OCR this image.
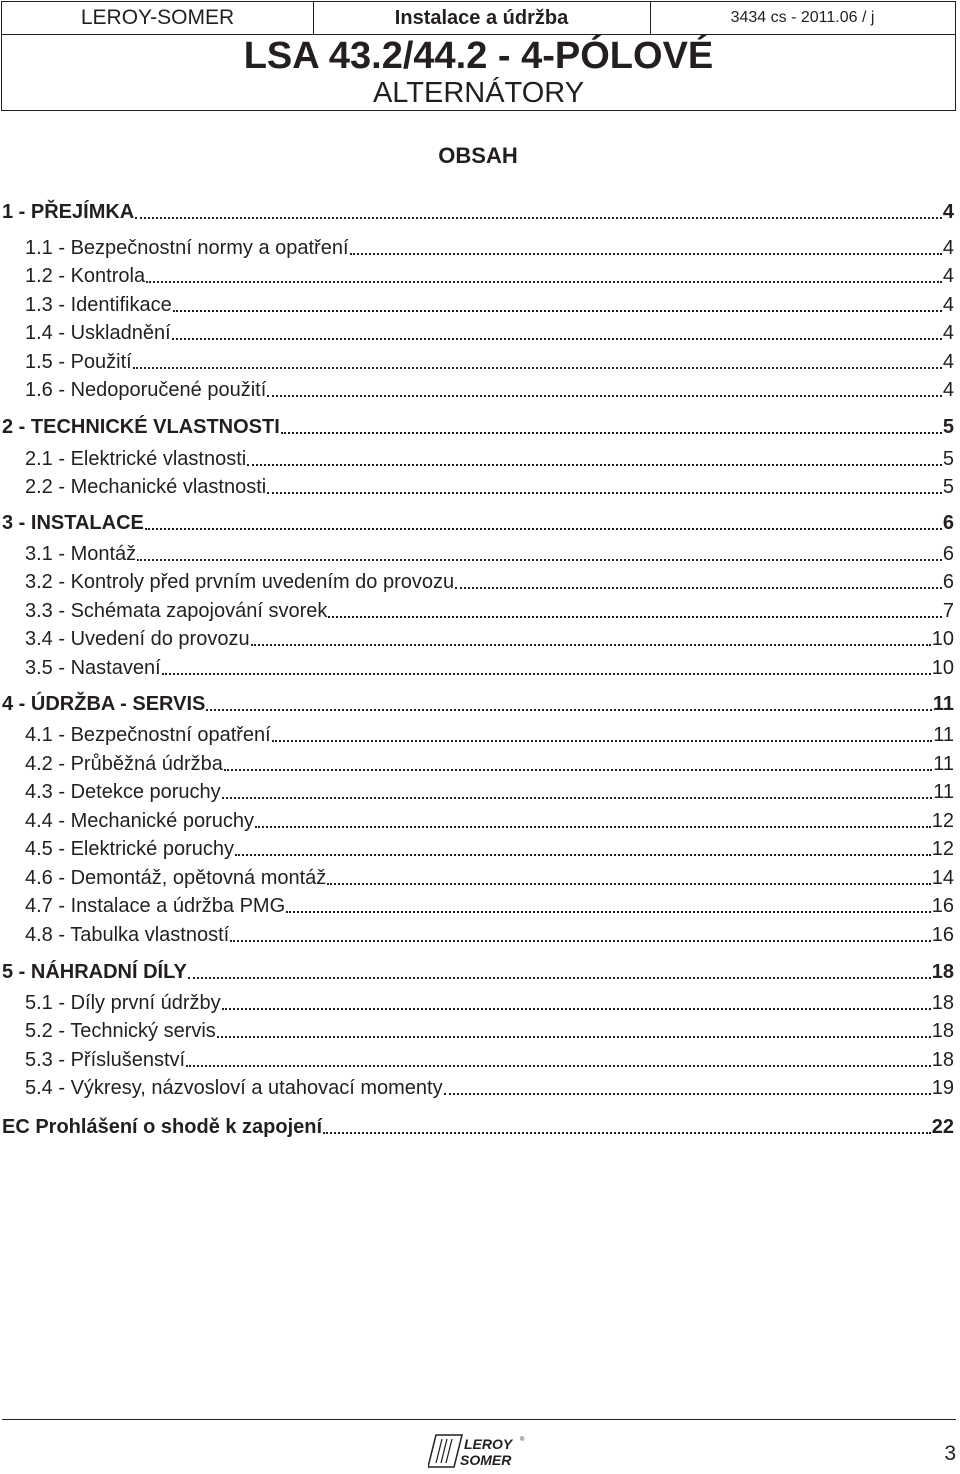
LEROY-SOMER	Instalace a údržba	3434 cs - 2011.06 / j
LSA 43.2/44.2 - 4-PÓLOVÉ
ALTERNÁTORY
OBSAH
1 - PŘEJÍMKA	4
1.1 - Bezpečnostní normy a opatření	4
1.2 - Kontrola	4
1.3 - Identifikace	4
1.4 - Uskladnění	4
1.5 - Použití	4
1.6 - Nedoporučené použití	4
2 - TECHNICKÉ VLASTNOSTI	5
2.1 - Elektrické vlastnosti	5
2.2 - Mechanické vlastnosti	5
3 - INSTALACE	6
3.1 - Montáž	6
3.2 - Kontroly před prvním uvedením do provozu	6
3.3 - Schémata zapojování svorek	7
3.4 - Uvedení do provozu	10
3.5 - Nastavení	10
4 - ÚDRŽBA - SERVIS	11
4.1 - Bezpečnostní opatření	11
4.2 - Průběžná údržba	11
4.3 - Detekce poruchy	11
4.4 - Mechanické poruchy	12
4.5 - Elektrické poruchy	12
4.6 - Demontáž, opětovná montáž	14
4.7 - Instalace a údržba PMG	16
4.8 - Tabulka vlastností	16
5 - NÁHRADNÍ DÍLY	18
5.1 - Díly první údržby	18
5.2 - Technický servis	18
5.3 - Příslušenství	18
5.4 - Výkresy, názvosloví a utahovací momenty	19
EC Prohlášení o shodě k zapojení	22
LEROY
SOMER
®
3
